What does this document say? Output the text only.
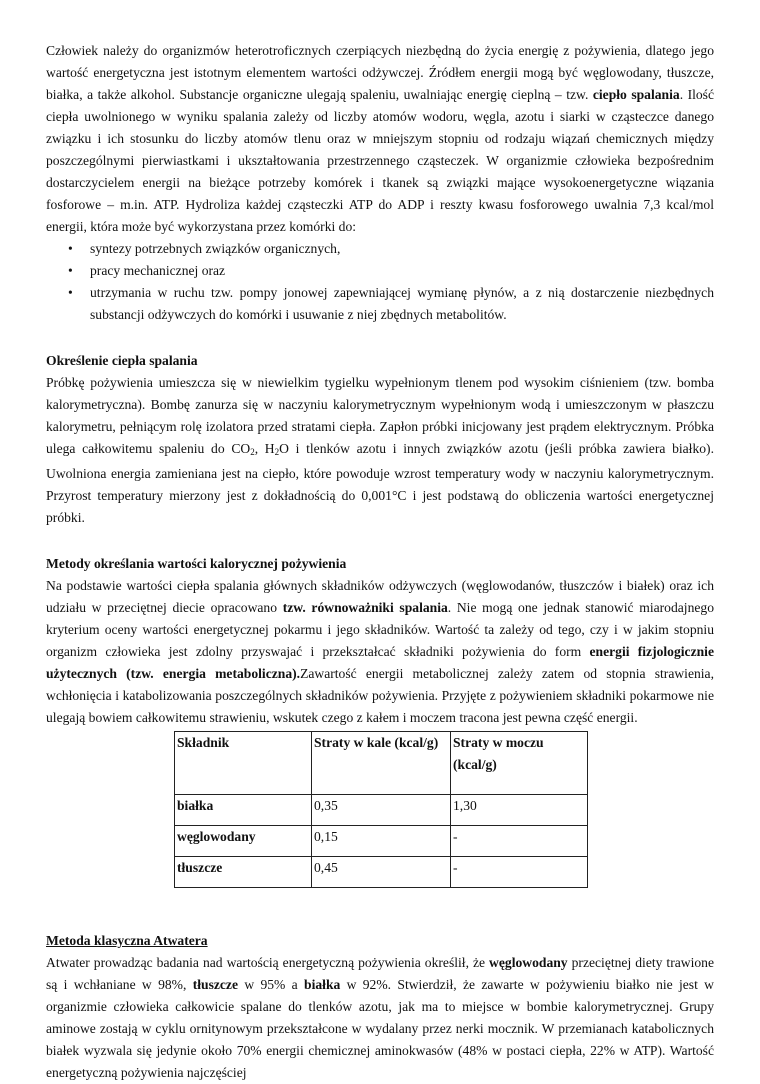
Człowiek należy do organizmów heterotroficznych czerpiących niezbędną do życia energię z pożywienia, dlatego jego wartość energetyczna jest istotnym elementem wartości odżywczej. Źródłem energii mogą być węglowodany, tłuszcze, białka, a także alkohol. Substancje organiczne ulegają spaleniu, uwalniając energię cieplną – tzw. ciepło spalania. Ilość ciepła uwolnionego w wyniku spalania zależy od liczby atomów wodoru, węgla, azotu i siarki w cząsteczce danego związku i ich stosunku do liczby atomów tlenu oraz w mniejszym stopniu od rodzaju wiązań chemicznych między poszczególnymi pierwiastkami i ukształtowania przestrzennego cząsteczek. W organizmie człowieka bezpośrednim dostarczycielem energii na bieżące potrzeby komórek i tkanek są związki mające wysokoenergetyczne wiązania fosforowe – m.in. ATP. Hydroliza każdej cząsteczki ATP do ADP i reszty kwasu fosforowego uwalnia 7,3 kcal/mol energii, która może być wykorzystana przez komórki do:

• syntezy potrzebnych związków organicznych,
• pracy mechanicznej oraz
• utrzymania w ruchu tzw. pompy jonowej zapewniającej wymianę płynów, a z nią dostarczenie niezbędnych substancji odżywczych do komórki i usuwanie z niej zbędnych metabolitów.
Określenie ciepła spalania

Próbkę pożywienia umieszcza się w niewielkim tygielku wypełnionym tlenem pod wysokim ciśnieniem (tzw. bomba kalorymetryczna). Bombę zanurza się w naczyniu kalorymetrycznym wypełnionym wodą i umieszczonym w płaszczu kalorymetru, pełniącym rolę izolatora przed stratami ciepła. Zapłon próbki inicjowany jest prądem elektrycznym. Próbka ulega całkowitemu spaleniu do $CO_2$, $H_2O$ i tlenków azotu i innych związków azotu (jeśli próbka zawiera białko). Uwolniona energia zamieniana jest na ciepło, które powoduje wzrost temperatury wody w naczyniu kalorymetrycznym. Przyrost temperatury mierzony jest z dokładnością do 0,001°C i jest podstawą do obliczenia wartości energetycznej próbki.

Metody określania wartości kalorycznej pożywienia

Na podstawie wartości ciepła spalania głównych składników odżywczych (węglowodanów, tłuszczów i białek) oraz ich udziału w przeciętnej diecie opracowano tzw. równoważniki spalania. Nie mogą one jednak stanowić miarodajnego kryterium oceny wartości energetycznej pokarmu i jego składników. Wartość ta zależy od tego, czy i w jakim stopniu organizm człowieka jest zdolny przyswajać i przekształcać składniki pożywienia do form energii fizjologicznie użytecznych (tzw. energia metaboliczna).Zawartość energii metabolicznej zależy zatem od stopnia strawienia, wchłonięcia i katabolizowania poszczególnych składników pożywienia. Przyjęte z pożywieniem składniki pokarmowe nie ulegają bowiem całkowitemu strawieniu, wskutek czego z kałem i moczem tracona jest pewna część energii.

Składnik	Straty w kale (kcal/g)	Straty w moczu (kcal/g)
białka	0,35	1,30
węglowodany	0,15	-
tłuszcze	0,45	-
Metoda klasyczna Atwatera

Atwater prowadząc badania nad wartością energetyczną pożywienia określił, że węglowodany przeciętnej diety trawione są i wchłaniane w 98%, tłuszcze w 95% a białka w 92%. Stwierdził, że zawarte w pożywieniu białko nie jest w organizmie człowieka całkowicie spalane do tlenków azotu, jak ma to miejsce w bombie kalorymetrycznej. Grupy aminowe zostają w cyklu ornitynowym przekształcone w wydalany przez nerki mocznik. W przemianach katabolicznych białek wyzwala się jedynie około 70% energii chemicznej aminokwasów (48% w postaci ciepła, 22% w ATP). Wartość energetyczną pożywienia najczęściej
